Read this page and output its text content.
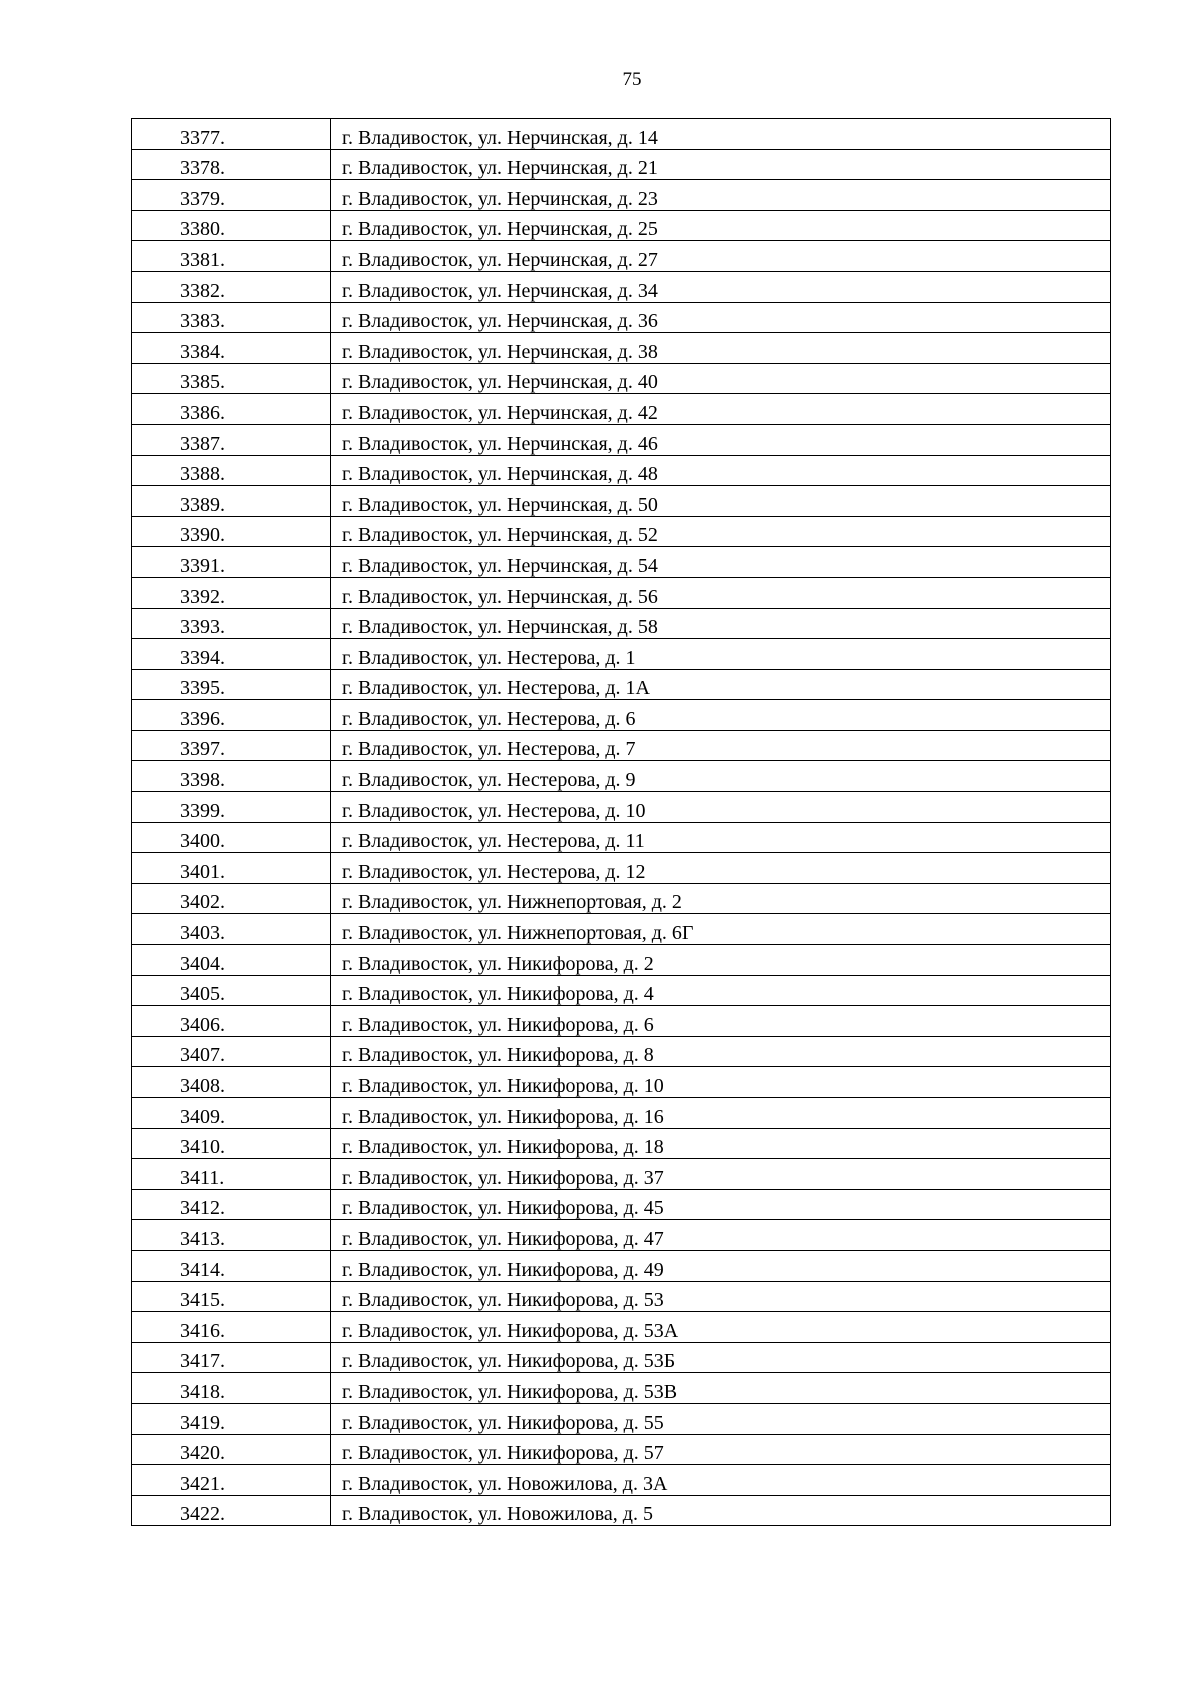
75
3377.	г. Владивосток, ул. Нерчинская, д. 14
3378.	г. Владивосток, ул. Нерчинская, д. 21
3379.	г. Владивосток, ул. Нерчинская, д. 23
3380.	г. Владивосток, ул. Нерчинская, д. 25
3381.	г. Владивосток, ул. Нерчинская, д. 27
3382.	г. Владивосток, ул. Нерчинская, д. 34
3383.	г. Владивосток, ул. Нерчинская, д. 36
3384.	г. Владивосток, ул. Нерчинская, д. 38
3385.	г. Владивосток, ул. Нерчинская, д. 40
3386.	г. Владивосток, ул. Нерчинская, д. 42
3387.	г. Владивосток, ул. Нерчинская, д. 46
3388.	г. Владивосток, ул. Нерчинская, д. 48
3389.	г. Владивосток, ул. Нерчинская, д. 50
3390.	г. Владивосток, ул. Нерчинская, д. 52
3391.	г. Владивосток, ул. Нерчинская, д. 54
3392.	г. Владивосток, ул. Нерчинская, д. 56
3393.	г. Владивосток, ул. Нерчинская, д. 58
3394.	г. Владивосток, ул. Нестерова, д. 1
3395.	г. Владивосток, ул. Нестерова, д. 1А
3396.	г. Владивосток, ул. Нестерова, д. 6
3397.	г. Владивосток, ул. Нестерова, д. 7
3398.	г. Владивосток, ул. Нестерова, д. 9
3399.	г. Владивосток, ул. Нестерова, д. 10
3400.	г. Владивосток, ул. Нестерова, д. 11
3401.	г. Владивосток, ул. Нестерова, д. 12
3402.	г. Владивосток, ул. Нижнепортовая, д. 2
3403.	г. Владивосток, ул. Нижнепортовая, д. 6Г
3404.	г. Владивосток, ул. Никифорова, д. 2
3405.	г. Владивосток, ул. Никифорова, д. 4
3406.	г. Владивосток, ул. Никифорова, д. 6
3407.	г. Владивосток, ул. Никифорова, д. 8
3408.	г. Владивосток, ул. Никифорова, д. 10
3409.	г. Владивосток, ул. Никифорова, д. 16
3410.	г. Владивосток, ул. Никифорова, д. 18
3411.	г. Владивосток, ул. Никифорова, д. 37
3412.	г. Владивосток, ул. Никифорова, д. 45
3413.	г. Владивосток, ул. Никифорова, д. 47
3414.	г. Владивосток, ул. Никифорова, д. 49
3415.	г. Владивосток, ул. Никифорова, д. 53
3416.	г. Владивосток, ул. Никифорова, д. 53А
3417.	г. Владивосток, ул. Никифорова, д. 53Б
3418.	г. Владивосток, ул. Никифорова, д. 53В
3419.	г. Владивосток, ул. Никифорова, д. 55
3420.	г. Владивосток, ул. Никифорова, д. 57
3421.	г. Владивосток, ул. Новожилова, д. 3А
3422.	г. Владивосток, ул. Новожилова, д. 5
